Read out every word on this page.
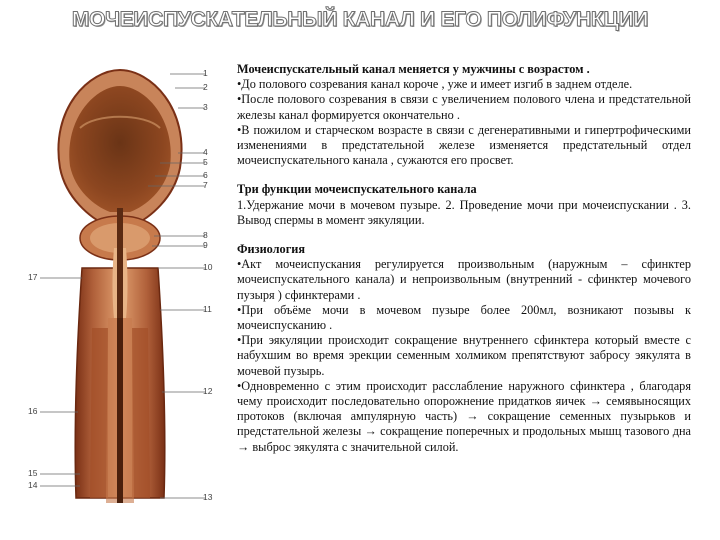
МОЧЕИСПУСКАТЕЛЬНЫЙ КАНАЛ И ЕГО ПОЛИФУНКЦИИ
1
2
3
4
5
6
7
8
9
10
11
12
13
14
15
16
17

Мочеиспускательный канал меняется у мужчины с возрастом .

•До полового созревания канал короче , уже и имеет изгиб в заднем отделе.

•После полового созревания в связи с увеличением полового члена и предстательной железы канал формируется окончательно .

•В пожилом и старческом возрасте в связи с дегенеративными и гипертрофическими изменениями в предстательной железе изменяется предстательный отдел мочеиспускательного канала , сужаются его просвет.

Три функции мочеиспускательного канала

1.Удержание мочи в мочевом пузыре. 2. Проведение мочи при мочеиспускании . 3. Вывод спермы в момент эякуляции.

Физиология

•Акт мочеиспускания регулируется произвольным (наружным – сфинктер мочеиспускательного канала) и непроизвольным (внутренний - сфинктер мочевого пузыря ) сфинктерами .

•При объёме мочи в мочевом пузыре более 200мл, возникают позывы к мочеиспусканию .

•При эякуляции происходит сокращение внутреннего сфинктера который вместе с набухшим во время эрекции семенным холмиком препятствуют забросу эякулята в мочевой пузырь.

•Одновременно с этим происходит расслабление наружного сфинктера , благодаря чему происходит последовательно опорожнение придатков яичек → семявыносящих протоков (включая ампулярную часть) → сокращение семенных пузырьков и предстательной железы → сокращение поперечных и продольных мышц тазового дна → выброс эякулята с значительной силой.
